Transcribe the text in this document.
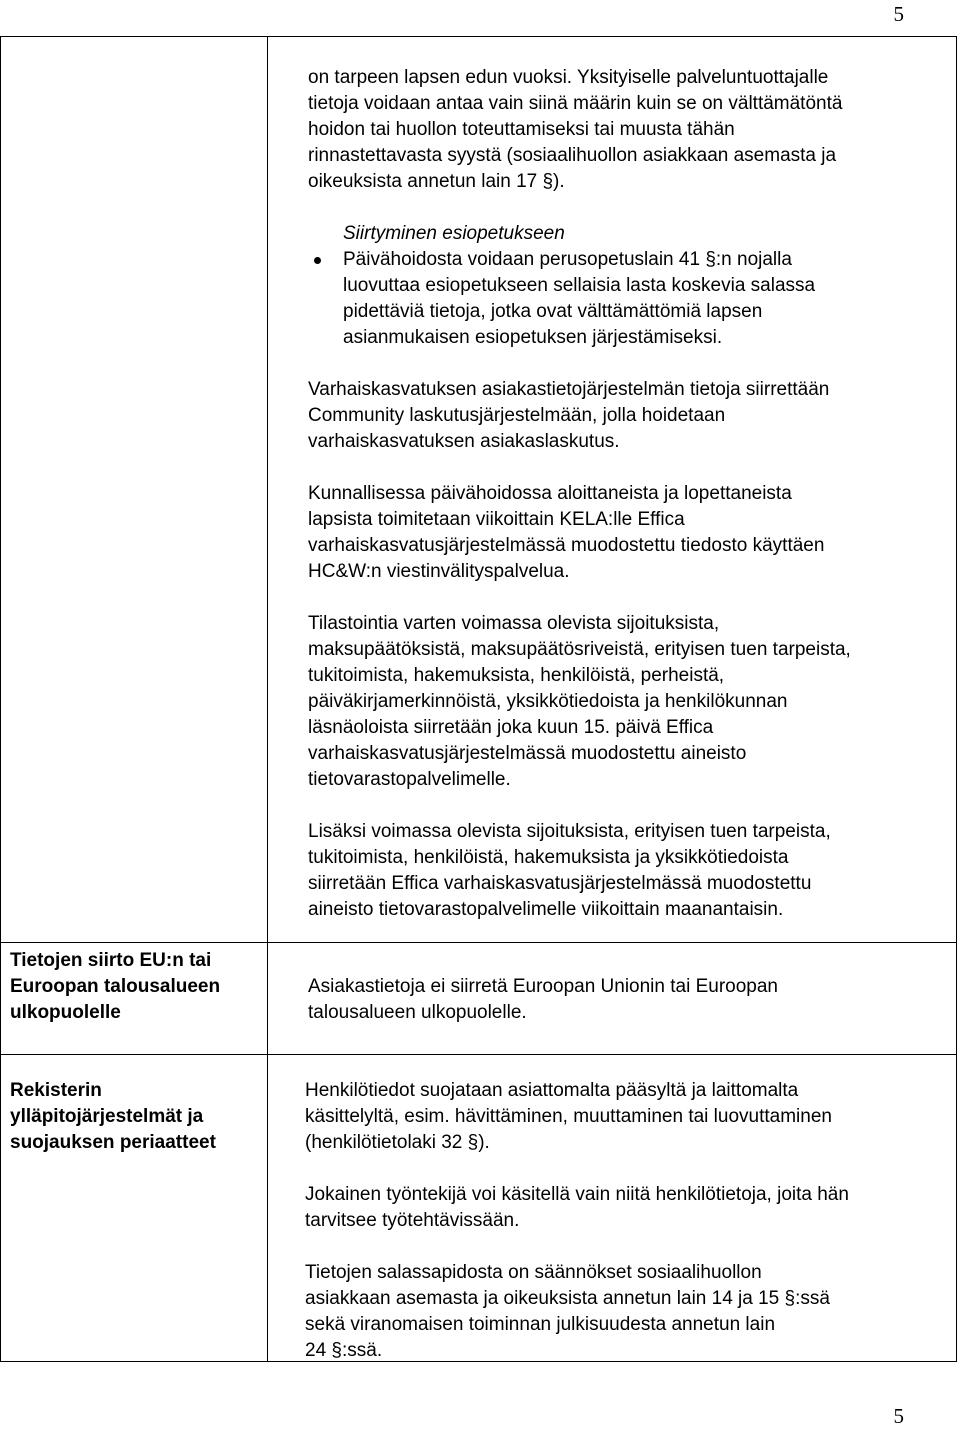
5
on tarpeen lapsen edun vuoksi. Yksityiselle palveluntuottajalle
tietoja voidaan antaa vain siinä määrin kuin se on välttämätöntä
hoidon tai huollon toteuttamiseksi tai muusta tähän
rinnastettavasta syystä (sosiaalihuollon asiakkaan asemasta ja
oikeuksista annetun lain 17 §).
Siirtyminen esiopetukseen
Päivähoidosta voidaan perusopetuslain 41 §:n nojalla
luovuttaa esiopetukseen sellaisia lasta koskevia salassa
pidettäviä tietoja, jotka ovat välttämättömiä lapsen
asianmukaisen esiopetuksen järjestämiseksi.
Varhaiskasvatuksen asiakastietojärjestelmän tietoja siirrettään
Community laskutusjärjestelmään, jolla hoidetaan
varhaiskasvatuksen asiakaslaskutus.
Kunnallisessa päivähoidossa aloittaneista ja lopettaneista
lapsista toimitetaan viikoittain KELA:lle Effica
varhaiskasvatusjärjestelmässä muodostettu tiedosto käyttäen
HC&W:n viestinvälityspalvelua.
Tilastointia varten voimassa olevista sijoituksista,
maksupäätöksistä, maksupäätösriveistä, erityisen tuen tarpeista,
tukitoimista, hakemuksista, henkilöistä, perheistä,
päiväkirjamerkinnöistä, yksikkötiedoista ja henkilökunnan
läsnäoloista siirretään joka kuun 15. päivä Effica
varhaiskasvatusjärjestelmässä muodostettu aineisto
tietovarastopalvelimelle.
Lisäksi voimassa olevista sijoituksista, erityisen tuen tarpeista,
tukitoimista, henkilöistä, hakemuksista ja yksikkötiedoista
siirretään Effica varhaiskasvatusjärjestelmässä muodostettu
aineisto tietovarastopalvelimelle viikoittain maanantaisin.
Tietojen siirto EU:n tai
Euroopan talousalueen
ulkopuolelle
Asiakastietoja ei siirretä Euroopan Unionin tai Euroopan
talousalueen ulkopuolelle.
Rekisterin
ylläpitojärjestelmät ja
suojauksen periaatteet
Henkilötiedot suojataan asiattomalta pääsyltä ja laittomalta
käsittelyltä, esim. hävittäminen, muuttaminen tai luovuttaminen
(henkilötietolaki 32 §).
Jokainen työntekijä voi käsitellä vain niitä henkilötietoja, joita hän
tarvitsee työtehtävissään.
Tietojen salassapidosta on säännökset sosiaalihuollon
asiakkaan asemasta ja oikeuksista annetun lain 14 ja 15 §:ssä
sekä viranomaisen toiminnan julkisuudesta annetun lain
24 §:ssä.
5
